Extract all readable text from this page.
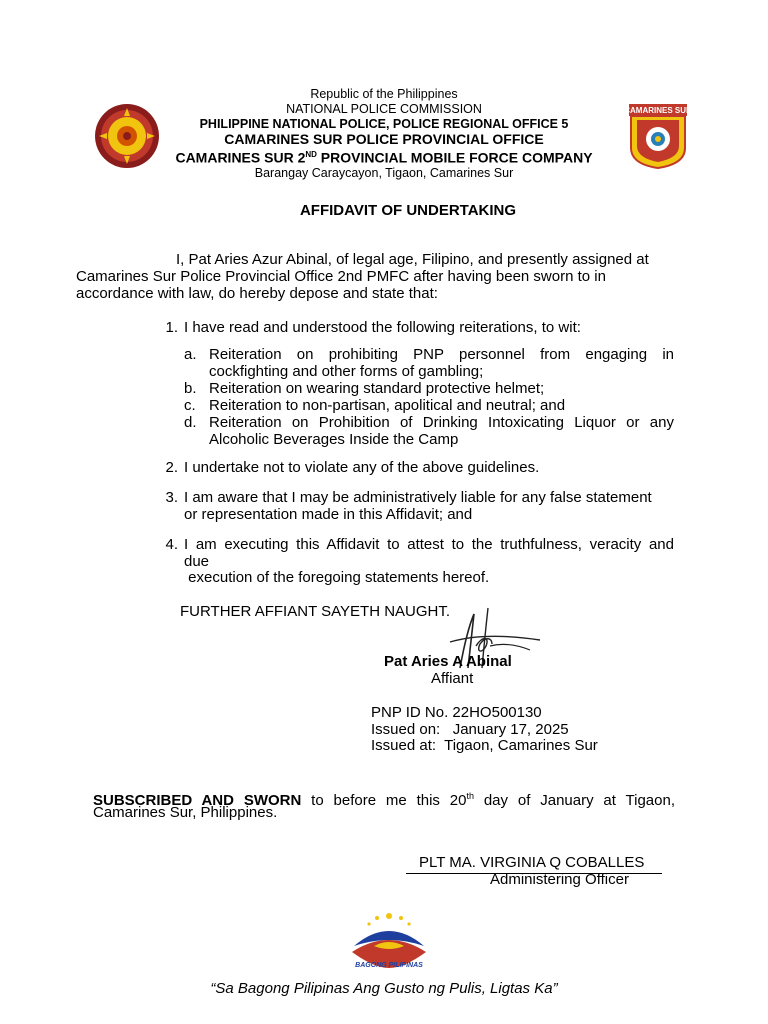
Republic of the Philippines
NATIONAL POLICE COMMISSION
PHILIPPINE NATIONAL POLICE, POLICE REGIONAL OFFICE 5
CAMARINES SUR POLICE PROVINCIAL OFFICE
CAMARINES SUR 2ND PROVINCIAL MOBILE FORCE COMPANY
Barangay Caraycayon, Tigaon, Camarines Sur
CAMARINES SUR
AFFIDAVIT OF UNDERTAKING
I, Pat Aries Azur Abinal, of legal age, Filipino, and presently assigned at
Camarines Sur Police Provincial Office 2nd PMFC after having been sworn to in
accordance with law, do hereby depose and state that:
1. I have read and understood the following reiterations, to wit:
a. Reiteration on prohibiting PNP personnel from engaging in
cockfighting and other forms of gambling;
b. Reiteration on wearing standard protective helmet;
c. Reiteration to non-partisan, apolitical and neutral; and
d. Reiteration on Prohibition of Drinking Intoxicating Liquor or any
Alcoholic Beverages Inside the Camp
2. I undertake not to violate any of the above guidelines.
3. I am aware that I may be administratively liable for any false statement
or representation made in this Affidavit; and
4. I am executing this Affidavit to attest to the truthfulness, veracity and
due
execution of the foregoing statements hereof.
FURTHER AFFIANT SAYETH NAUGHT.
Pat Aries A Abinal
Affiant
PNP ID No. 22HO500130
Issued on:   January 17, 2025
Issued at:  Tigaon, Camarines Sur
SUBSCRIBED AND SWORN to before me this 20th day of January at Tigaon,
Camarines Sur, Philippines.
PLT MA. VIRGINIA Q COBALLES
Administering Officer
BAGONG PILIPINAS
“Sa Bagong Pilipinas Ang Gusto ng Pulis, Ligtas Ka”
